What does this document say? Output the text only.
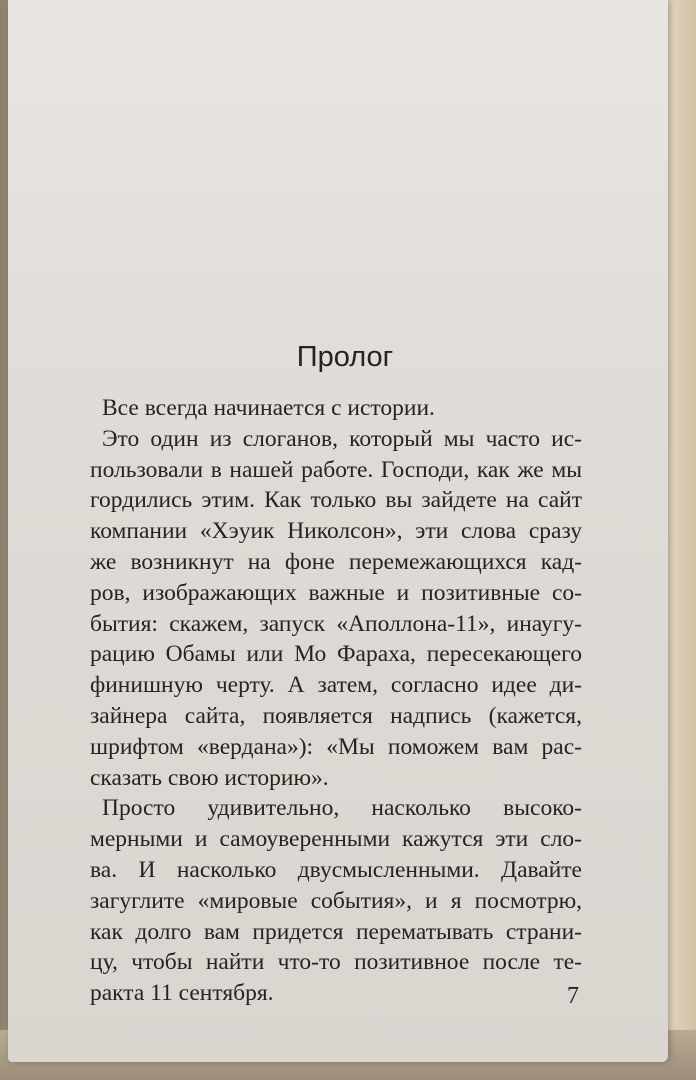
Пролог

Все всегда начинается с истории.

Это один из слоганов, который мы часто ис-
пользовали в нашей работе. Господи, как же мы
гордились этим. Как только вы зайдете на сайт
компании «Хэуик Николсон», эти слова сразу
же возникнут на фоне перемежающихся кад-
ров, изображающих важные и позитивные со-
бытия: скажем, запуск «Аполлона-11», инаугу-
рацию Обамы или Мо Фараха, пересекающего
финишную черту. А затем, согласно идее ди-
зайнера сайта, появляется надпись (кажется,
шрифтом «вердана»): «Мы поможем вам рас-
сказать свою историю».

Просто удивительно, насколько высоко-
мерными и самоуверенными кажутся эти сло-
ва. И насколько двусмысленными. Давайте
загуглите «мировые события», и я посмотрю,
как долго вам придется перематывать страни-
цу, чтобы найти что-то позитивное после те-
ракта 11 сентября.	7
